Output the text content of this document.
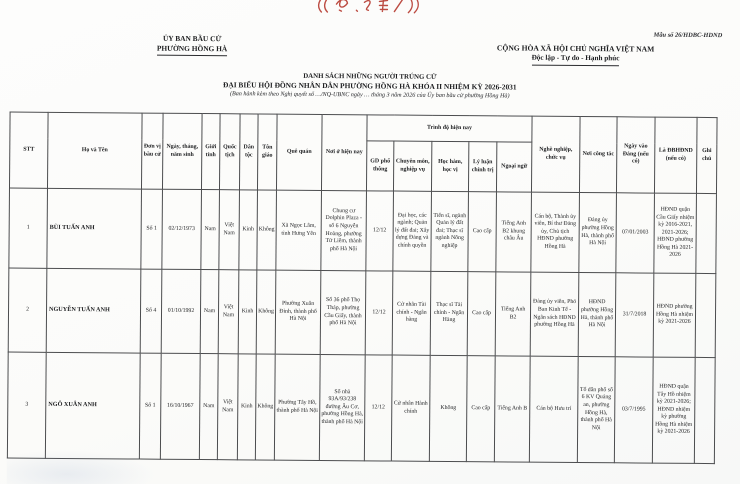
Mẫu số 26/HDBC-HDND
ỦY BAN BẦU CỬ
PHƯỜNG HỒNG HÀ	CỘNG HÒA XÃ HỘI CHỦ NGHĨA VIỆT NAM
Độc lập - Tự do - Hạnh phúc
DANH SÁCH NHỮNG NGƯỜI TRÚNG CỬ
ĐẠI BIỂU HỘI ĐỒNG NHÂN DÂN PHƯỜNG HỒNG HÀ KHÓA II NHIỆM KỲ 2026-2031
(Ban hành kèm theo Nghị quyết số …/NQ-UBNC ngày … tháng 3 năm 2026 của Ủy ban bầu cử phường Hồng Hà)
STT	Họ và Tên	Đơn vị bầu cử	Ngày, tháng, năm sinh	Giới tính	Quốc tịch	Dân tộc	Tôn giáo	Quê quán	Nơi ở hiện nay	Trình độ hiện nay					Nghề nghiệp, chức vụ	Nơi công tác	Ngày vào Đảng (nếu có)	Là ĐBHĐND (nếu có)	Ghi chú
										GD phổ thông	Chuyên môn, nghiệp vụ	Học hàm, học vị	Lý luận chính trị	Ngoại ngữ					
1	BÙI TUẤN ANH	Số 1	02/12/1973	Nam	Việt Nam	Kinh	Không	Xã Ngọc Lâm, tỉnh Hưng Yên	Chung cư Dolphin Plaza - số 6 Nguyễn Hoàng, phường Từ Liêm, thành phố Hà Nội	12/12	Đại học, các ngành; Quản lý đất đai; Xây dựng Đảng và chính quyền	Tiến sĩ, ngành Quản lý đất đai; Thạc sĩ ngành Nông nghiệp	Cao cấp	Tiếng Anh B2 khung châu Âu	Cán bộ, Thành ủy viên, Bí thư Đảng ủy, Chủ tịch HĐND phường Hồng Hà	Đảng ủy phường Hồng Hà, thành phố Hà Nội	07/01/2003	HĐND quận Cầu Giấy nhiệm kỳ 2016-2021, 2021-2026; HĐND phường Hồng Hà 2021-2026	
2	NGUYỄN TUẤN ANH	Số 4	01/10/1992	Nam	Việt Nam	Kinh	Không	Phường Xuân Đỉnh, thành phố Hà Nội	Số 36 phố Thọ Tháp, phường Cầu Giấy, thành phố Hà Nội	12/12	Cử nhân Tài chính - Ngân hàng	Thạc sĩ Tài chính - Ngân Hàng	Cao cấp	Tiếng Anh B2	Đảng ủy viên, Phó Ban Kinh Tế - Ngân sách HĐND phường Hồng Hà	HĐND phường Hồng Hà, thành phố Hà Nội	31/7/2018	HĐND phường Hồng Hà nhiệm kỳ 2021-2026	
3	NGÔ XUÂN ANH	Số 1	16/10/1967	Nam	Việt Nam	Kinh	Không	Phường Tây Hồ, thành phố Hà Nội	Số nhà 93A/93/238 đường Âu Cơ, phường Hồng Hà, thành phố Hà Nội	12/12	Cử nhân Hành chính	Không	Cao cấp	Tiếng Anh B	Cán bộ Hưu trí	Tổ dân phố số 6 KV Quảng an, phường Hồng Hà, thành phố Hà Nội	03/7/1995	HĐND quận Tây Hồ nhiệm kỳ 2021-2026; HĐND nhiệm kỳ phường Hồng Hà nhiệm kỳ 2021-2026	
